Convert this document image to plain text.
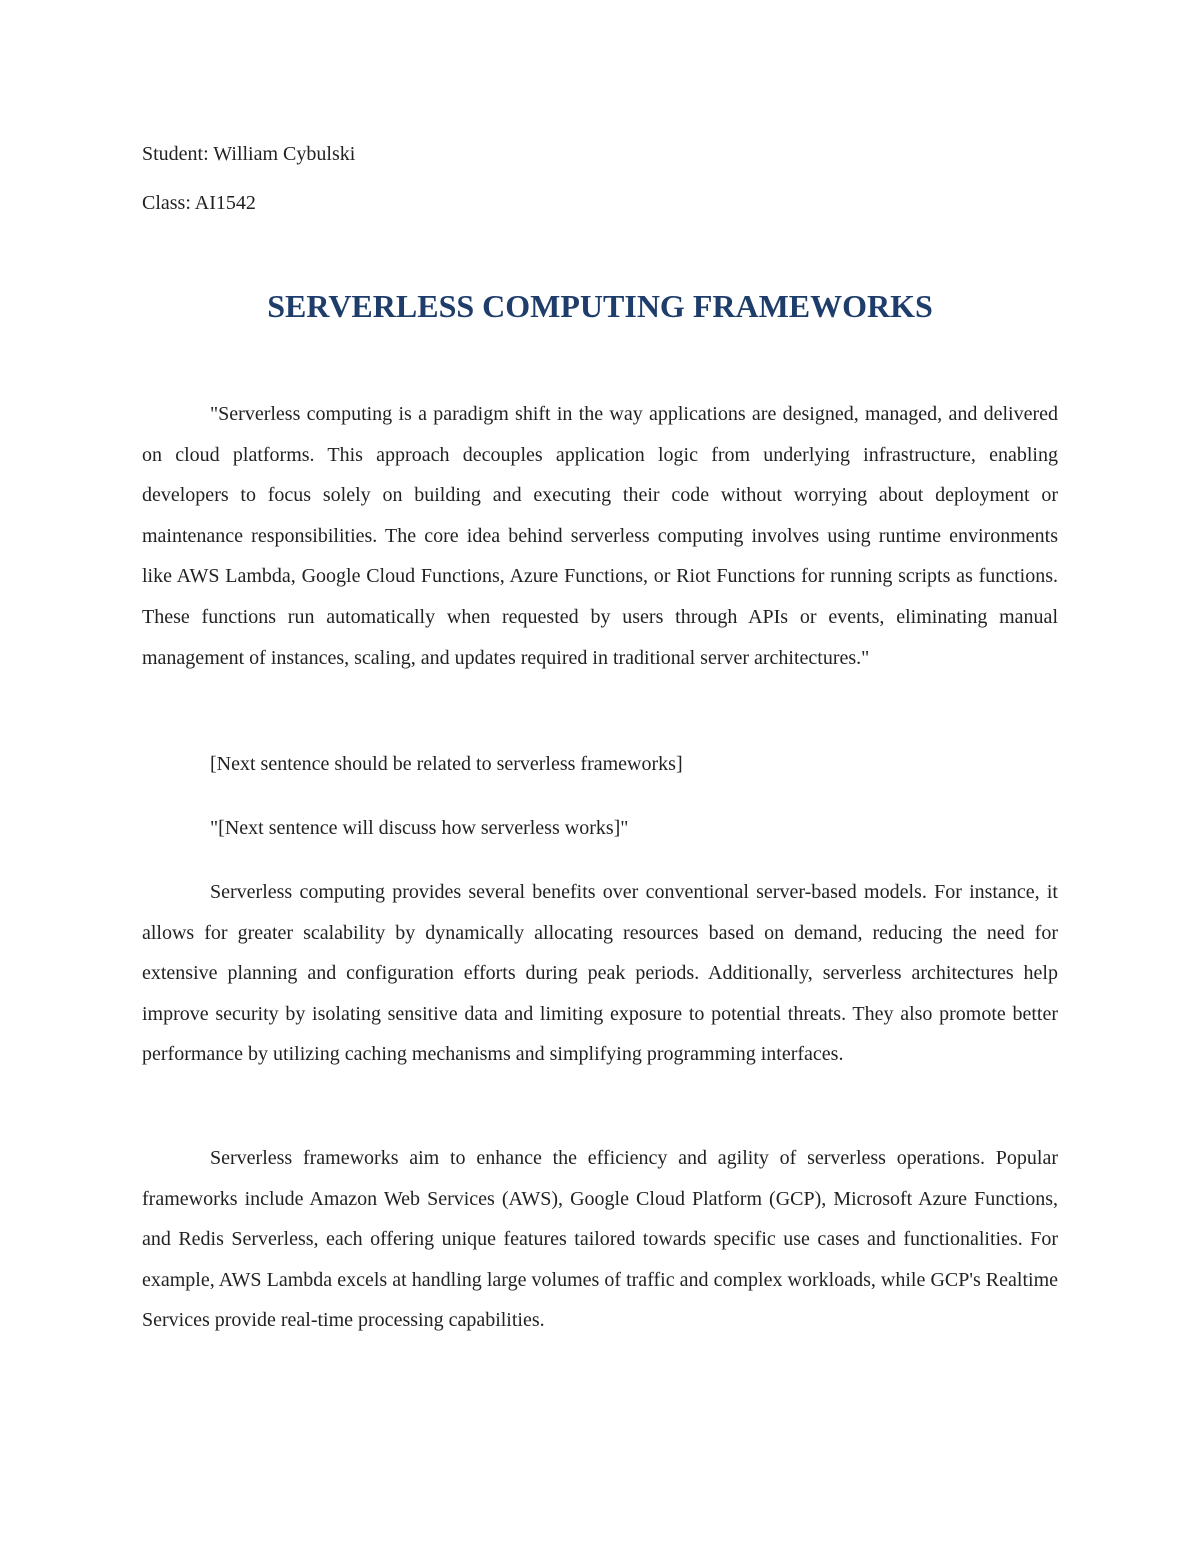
Student: William Cybulski
Class: AI1542
SERVERLESS COMPUTING FRAMEWORKS

"Serverless computing is a paradigm shift in the way applications are designed, managed, and delivered on cloud platforms. This approach decouples application logic from underlying infrastructure, enabling developers to focus solely on building and executing their code without worrying about deployment or maintenance responsibilities. The core idea behind serverless computing involves using runtime environments like AWS Lambda, Google Cloud Functions, Azure Functions, or Riot Functions for running scripts as functions. These functions run automatically when requested by users through APIs or events, eliminating manual management of instances, scaling, and updates required in traditional server architectures."

[Next sentence should be related to serverless frameworks]

"[Next sentence will discuss how serverless works]"

Serverless computing provides several benefits over conventional server-based models. For instance, it allows for greater scalability by dynamically allocating resources based on demand, reducing the need for extensive planning and configuration efforts during peak periods. Additionally, serverless architectures help improve security by isolating sensitive data and limiting exposure to potential threats. They also promote better performance by utilizing caching mechanisms and simplifying programming interfaces.

Serverless frameworks aim to enhance the efficiency and agility of serverless operations. Popular frameworks include Amazon Web Services (AWS), Google Cloud Platform (GCP), Microsoft Azure Functions, and Redis Serverless, each offering unique features tailored towards specific use cases and functionalities. For example, AWS Lambda excels at handling large volumes of traffic and complex workloads, while GCP's Realtime Services provide real-time processing capabilities.
